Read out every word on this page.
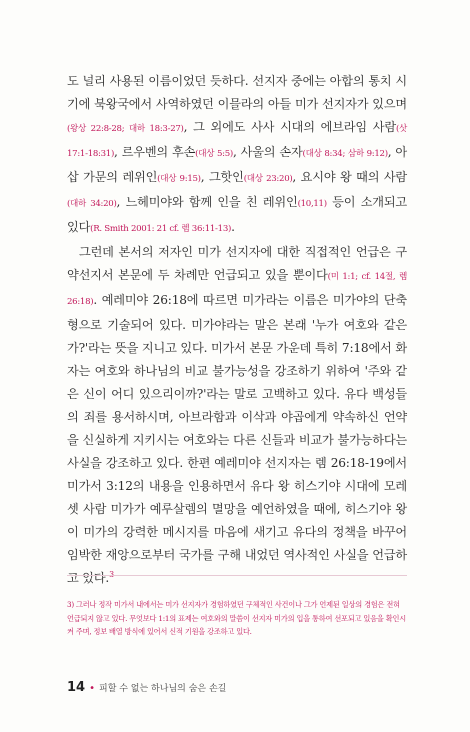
도 널리 사용된 이름이었던 듯하다. 선지자 중에는 아합의 통치 시기에 북왕국에서 사역하였던 이믈라의 아들 미가 선지자가 있으며(왕상 22:8-28; 대하 18:3-27), 그 외에도 사사 시대의 에브라임 사람(삿 17:1-18:31), 르우벤의 후손(대상 5:5), 사울의 손자(대상 8:34; 삼하 9:12), 아삽 가문의 레위인(대상 9:15), 그핫인(대상 23:20), 요시야 왕 때의 사람(대하 34:20), 느헤미야와 함께 인을 친 레위인(10,11) 등이 소개되고 있다(R. Smith 2001: 21 cf. 렘 36:11-13).

그런데 본서의 저자인 미가 선지자에 대한 직접적인 언급은 구약선지서 본문에 두 차례만 언급되고 있을 뿐이다(미 1:1; cf. 14절, 렘 26:18). 예레미야 26:18에 따르면 미가라는 이름은 미가야의 단축형으로 기술되어 있다. 미가야라는 말은 본래 '누가 여호와 같은가?'라는 뜻을 지니고 있다. 미가서 본문 가운데 특히 7:18에서 화자는 여호와 하나님의 비교 불가능성을 강조하기 위하여 '주와 같은 신이 어디 있으리이까?'라는 말로 고백하고 있다. 유다 백성들의 죄를 용서하시며, 아브라함과 이삭과 야곱에게 약속하신 언약을 신실하게 지키시는 여호와는 다른 신들과 비교가 불가능하다는 사실을 강조하고 있다. 한편 예레미야 선지자는 렘 26:18-19에서 미가서 3:12의 내용을 인용하면서 유다 왕 히스기야 시대에 모레셋 사람 미가가 예루살렘의 멸망을 예언하였을 때에, 히스기야 왕이 미가의 강력한 메시지를 마음에 새기고 유다의 정책을 바꾸어 임박한 재앙으로부터 국가를 구해 내었던 역사적인 사실을 언급하고 있다.$^3$

3) 그러나 정작 미가서 내에서는 미가 선지자가 경험하였던 구체적인 사건이나 그가 언제된 일상의 경험은 전혀 언급되지 않고 있다. 무엇보다 1:1의 표제는 여호와의 말씀이 선지자 미가의 입을 통하여 선포되고 있음을 확인시켜 주며, 정보 배열 방식에 있어서 신적 기원을 강조하고 있다.
14 • 피할 수 없는 하나님의 숨은 손길
